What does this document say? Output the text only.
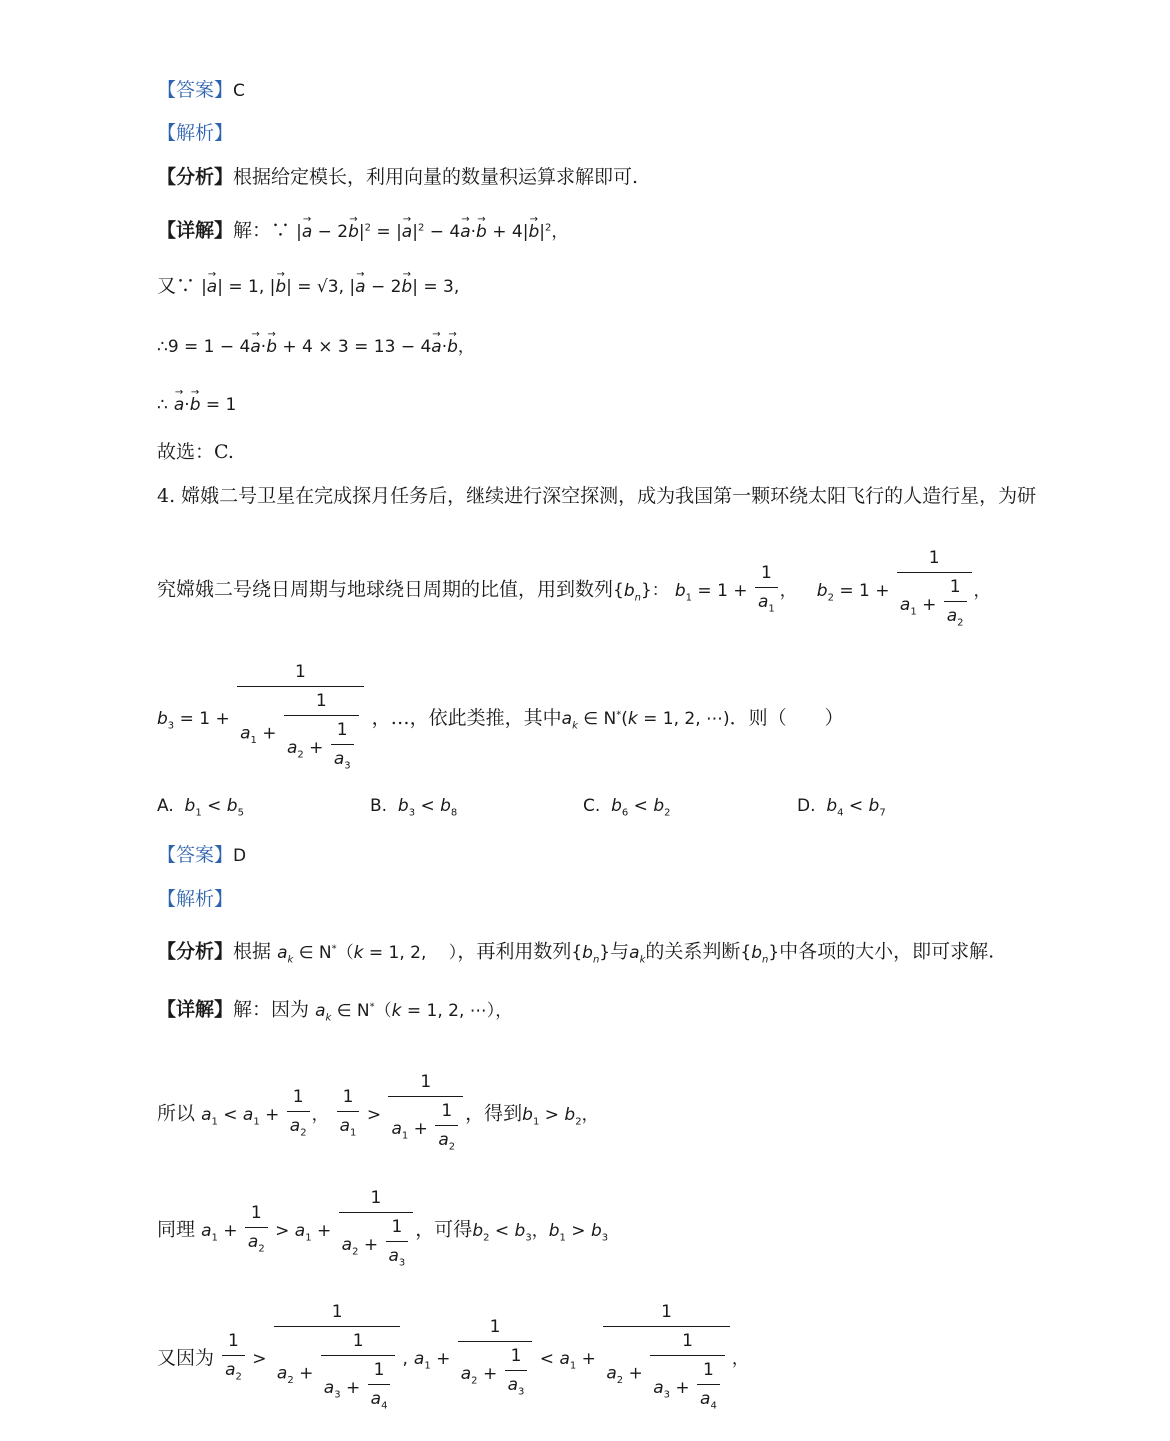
【答案】C
【解析】
【分析】根据给定模长，利用向量的数量积运算求解即可.
【详解】解：∵ |→ $a - 2\to b|^2$ = |→ $a|^2 - 4\to a\cdot\to b + 4|\to b|^2$，
又∵ |→ a| = 1, |→ b| = √3, |→ a − 2→ b| = 3,
∴9 = 1 − 4→ a·→ b + 4 × 3 = 13 − 4→ a·→ b，
∴ → a·→ b = 1
故选：C.
4. 嫦娥二号卫星在完成探月任务后，继续进行深空探测，成为我国第一颗环绕太阳飞行的人造行星，为研
究嫦娥二号绕日周期与地球绕日周期的比值，用到数列$\{b_n\}$： $b_1 = 1 + \frac{1}{a_1}$ ， $b_2 = 1 + \frac{1}{a_1 + \frac{1}{a_2}}$ ，
$b_3 = 1 + \frac{1}{a_1 + \frac{1}{a_2 + \frac{1}{a_3}}}$ ，…，依此类推，其中$a_k$ ∈ N*(k = 1, 2, ⋯)．则（　　）
A. $b_1 < b_5$	B. $b_3 < b_8$	C. $b_6 < b_2$	D. $b_4 < b_7$
【答案】D
【解析】
【分析】根据 $a_k$ ∈ N*（k = 1, 2,　 ），再利用数列$\{b_n\}$与$a_k$的关系判断$\{b_n\}$中各项的大小，即可求解.
【详解】解：因为 $a_k$ ∈ N*（k = 1, 2, ⋯），
所以 $a_1 < a_1 + \frac{1}{a_2}$ ， $\frac{1}{a_1} > \frac{1}{a_1 + \frac{1}{a_2}}$ ，得到$b_1 > b_2$，
同理 $a_1 + \frac{1}{a_2} > a_1 + \frac{1}{a_2 + \frac{1}{a_3}}$ ，可得$b_2 < b_3$，$b_1 > b_3$
又因为 $\frac{1}{a_2} > \frac{1}{a_2 + \frac{1}{a_3 + \frac{1}{a_4}}}$ , $a_1 + \frac{1}{a_2 + \frac{1}{a_3}} < a_1 + \frac{1}{a_2 + \frac{1}{a_3 + \frac{1}{a_4}}}$ ，
